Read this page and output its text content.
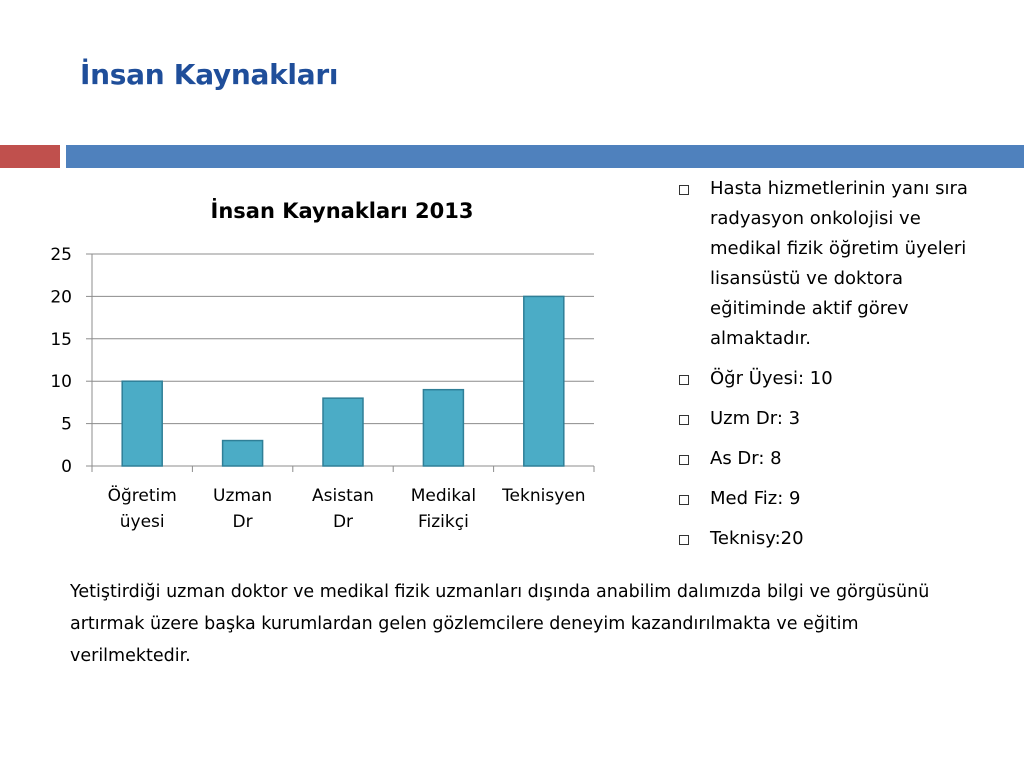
İnsan Kaynakları
İnsan Kaynakları 2013
0
5
10
15
20
25
Öğretim
üyesi
Uzman
Dr
Asistan
Dr
Medikal
Fizikçi
Teknisyen
Hasta hizmetlerinin yanı sıra radyasyon onkolojisi ve medikal fizik öğretim üyeleri lisansüstü ve doktora eğitiminde aktif görev almaktadır.
Öğr Üyesi: 10
Uzm Dr: 3
As Dr: 8
Med Fiz: 9
Teknisy:20

Yetiştirdiği uzman doktor ve medikal fizik uzmanları dışında anabilim dalımızda bilgi ve görgüsünü artırmak üzere başka kurumlardan gelen gözlemcilere deneyim kazandırılmakta ve eğitim verilmektedir.
